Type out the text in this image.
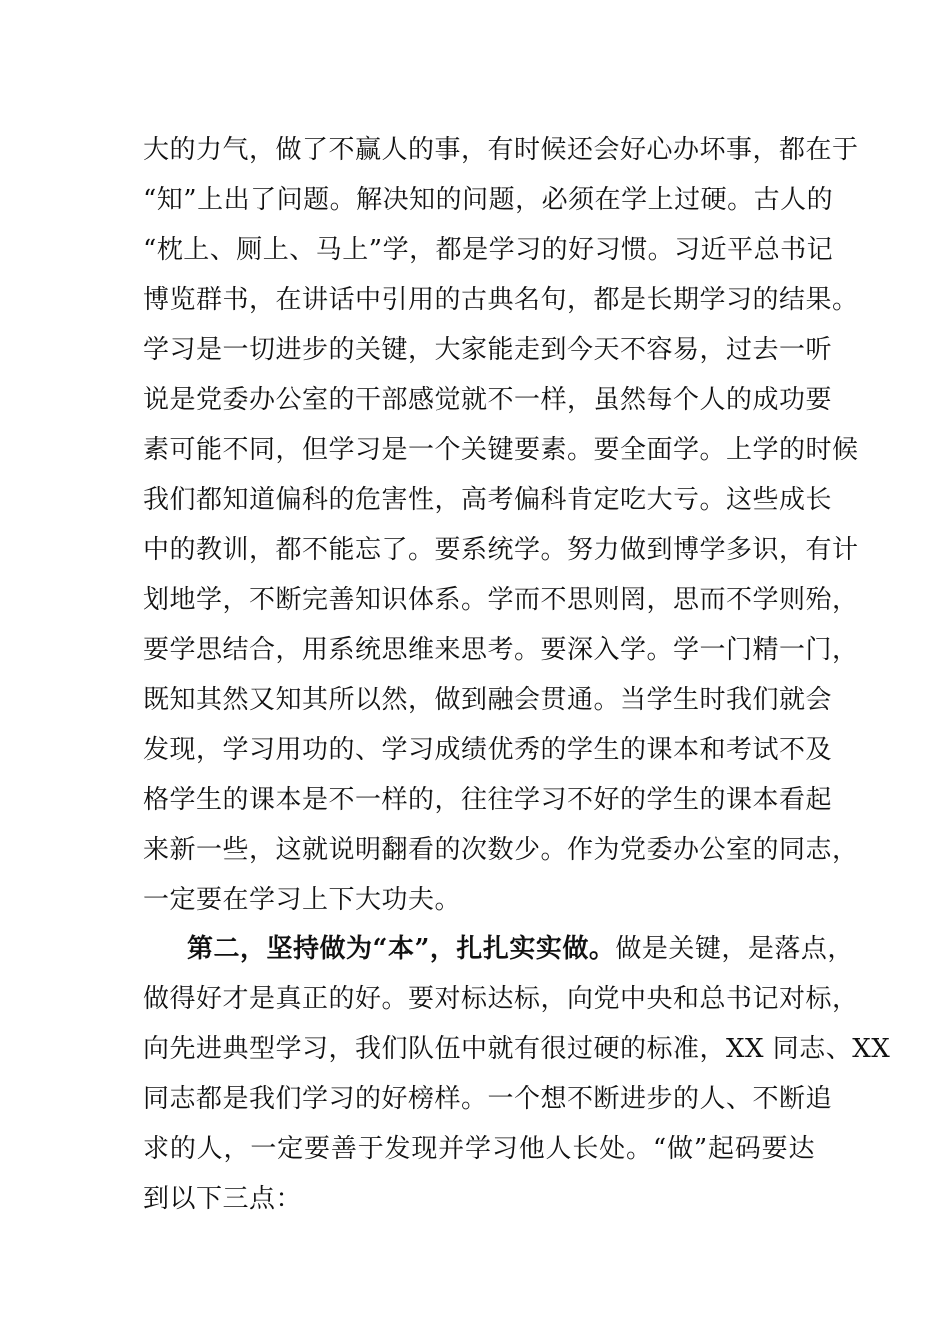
大的力气，做了不赢人的事，有时候还会好心办坏事，都在于
“知”上出了问题。解决知的问题，必须在学上过硬。古人的
“枕上、厕上、马上”学，都是学习的好习惯。习近平总书记
博览群书，在讲话中引用的古典名句，都是长期学习的结果。
学习是一切进步的关键，大家能走到今天不容易，过去一听
说是党委办公室的干部感觉就不一样，虽然每个人的成功要
素可能不同，但学习是一个关键要素。要全面学。上学的时候
我们都知道偏科的危害性，高考偏科肯定吃大亏。这些成长
中的教训，都不能忘了。要系统学。努力做到博学多识，有计
划地学，不断完善知识体系。学而不思则罔，思而不学则殆，
要学思结合，用系统思维来思考。要深入学。学一门精一门，
既知其然又知其所以然，做到融会贯通。当学生时我们就会
发现，学习用功的、学习成绩优秀的学生的课本和考试不及
格学生的课本是不一样的，往往学习不好的学生的课本看起
来新一些，这就说明翻看的次数少。作为党委办公室的同志，
一定要在学习上下大功夫。
第二，坚持做为“本”，扎扎实实做。做是关键，是落点，
做得好才是真正的好。要对标达标，向党中央和总书记对标，
向先进典型学习，我们队伍中就有很过硬的标准，XX 同志、XX
同志都是我们学习的好榜样。一个想不断进步的人、不断追
求的人，一定要善于发现并学习他人长处。“做”起码要达
到以下三点：
